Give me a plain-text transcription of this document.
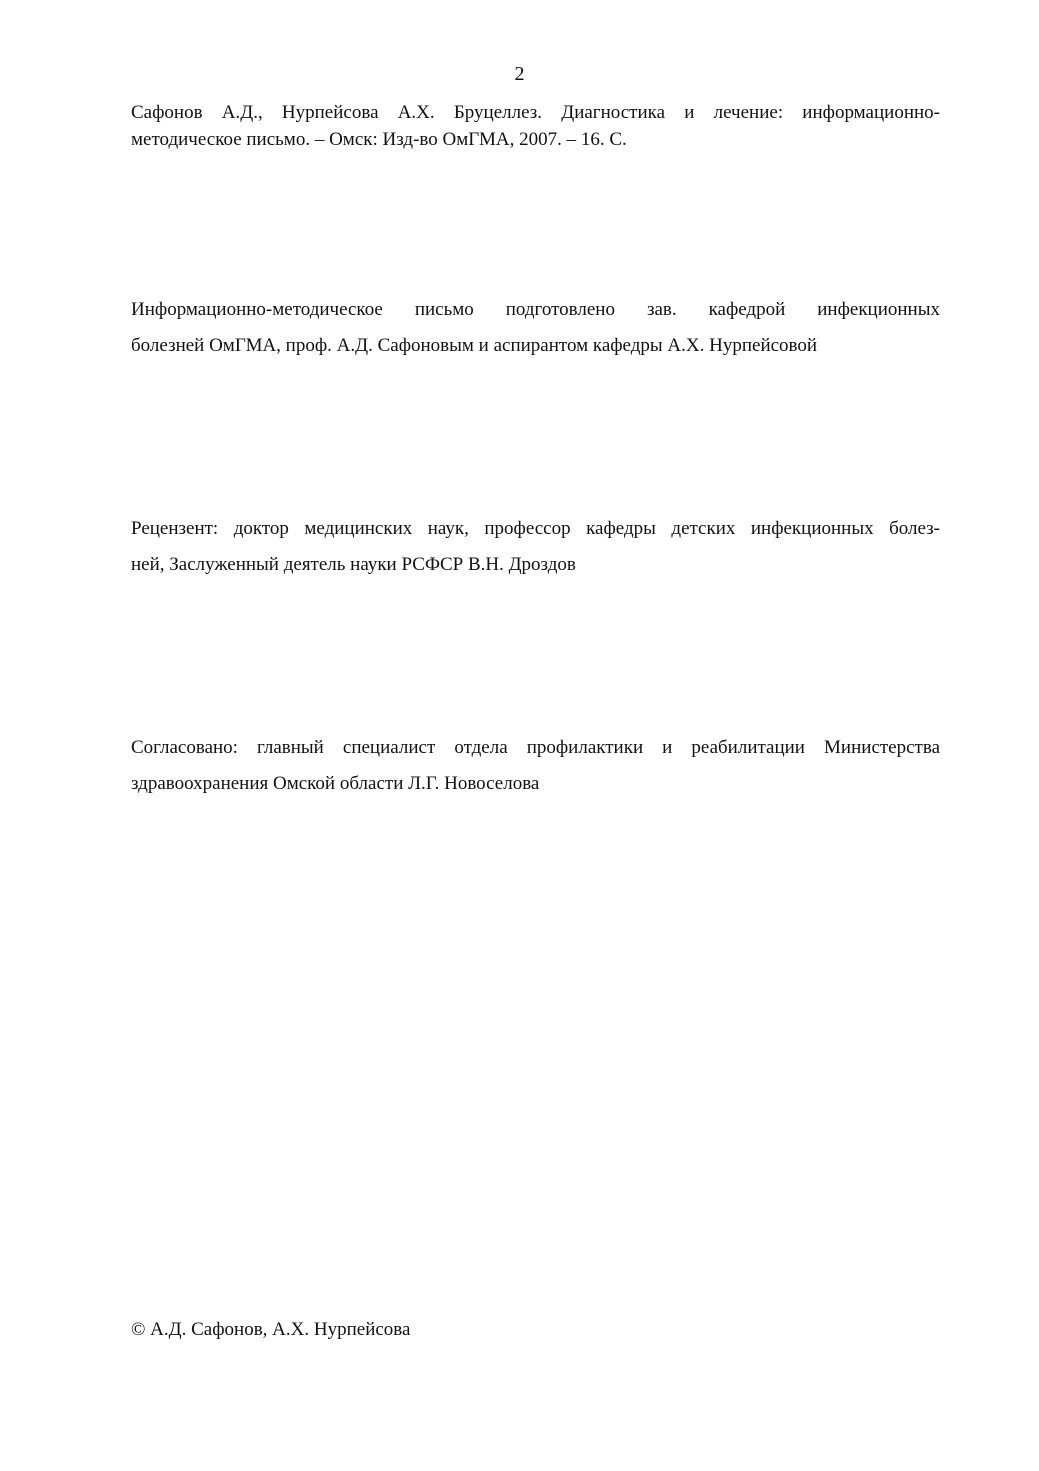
2
Сафонов А.Д., Нурпейсова А.Х. Бруцеллез. Диагностика и лечение: информационно-
методическое письмо. – Омск: Изд-во ОмГМА, 2007. – 16. С.
Информационно-методическое письмо подготовлено зав. кафедрой инфекционных
болезней ОмГМА, проф. А.Д. Сафоновым и аспирантом кафедры А.Х. Нурпейсовой
Рецензент: доктор медицинских наук, профессор кафедры детских инфекционных болез-
ней, Заслуженный деятель науки РСФСР В.Н. Дроздов
Согласовано: главный специалист отдела профилактики и реабилитации Министерства
здравоохранения Омской области Л.Г. Новоселова
© А.Д. Сафонов, А.Х. Нурпейсова
